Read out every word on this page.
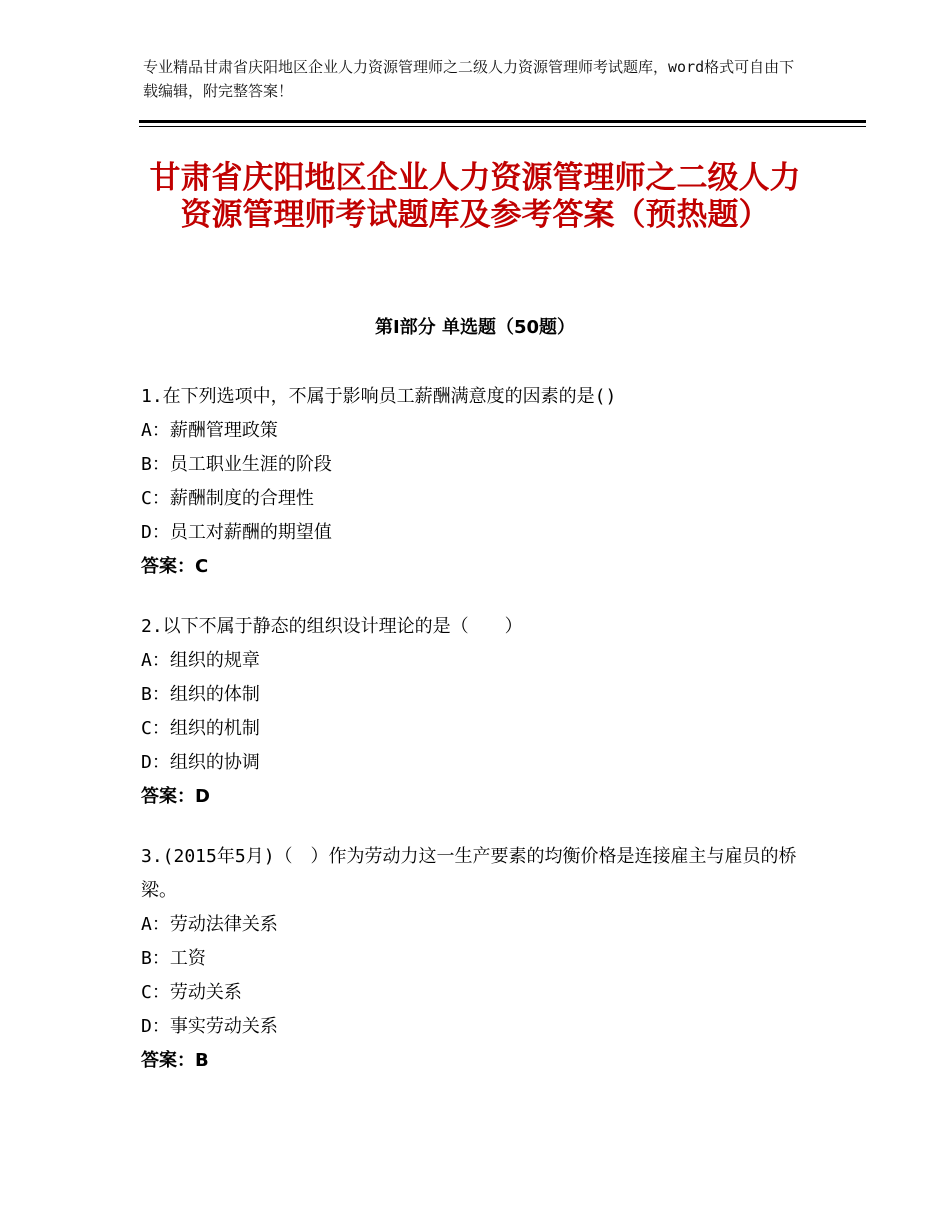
专业精品甘肃省庆阳地区企业人力资源管理师之二级人力资源管理师考试题库，word格式可自由下载编辑，附完整答案！
甘肃省庆阳地区企业人力资源管理师之二级人力资源管理师考试题库及参考答案（预热题）
第Ⅰ部分 单选题（50题）

1.在下列选项中，不属于影响员工薪酬满意度的因素的是()

A：薪酬管理政策

B：员工职业生涯的阶段

C：薪酬制度的合理性

D：员工对薪酬的期望值

答案：C

2.以下不属于静态的组织设计理论的是（　　）

A：组织的规章

B：组织的体制

C：组织的机制

D：组织的协调

答案：D

3.(2015年5月)（　）作为劳动力这一生产要素的均衡价格是连接雇主与雇员的桥梁。

A：劳动法律关系

B：工资

C：劳动关系

D：事实劳动关系

答案：B
